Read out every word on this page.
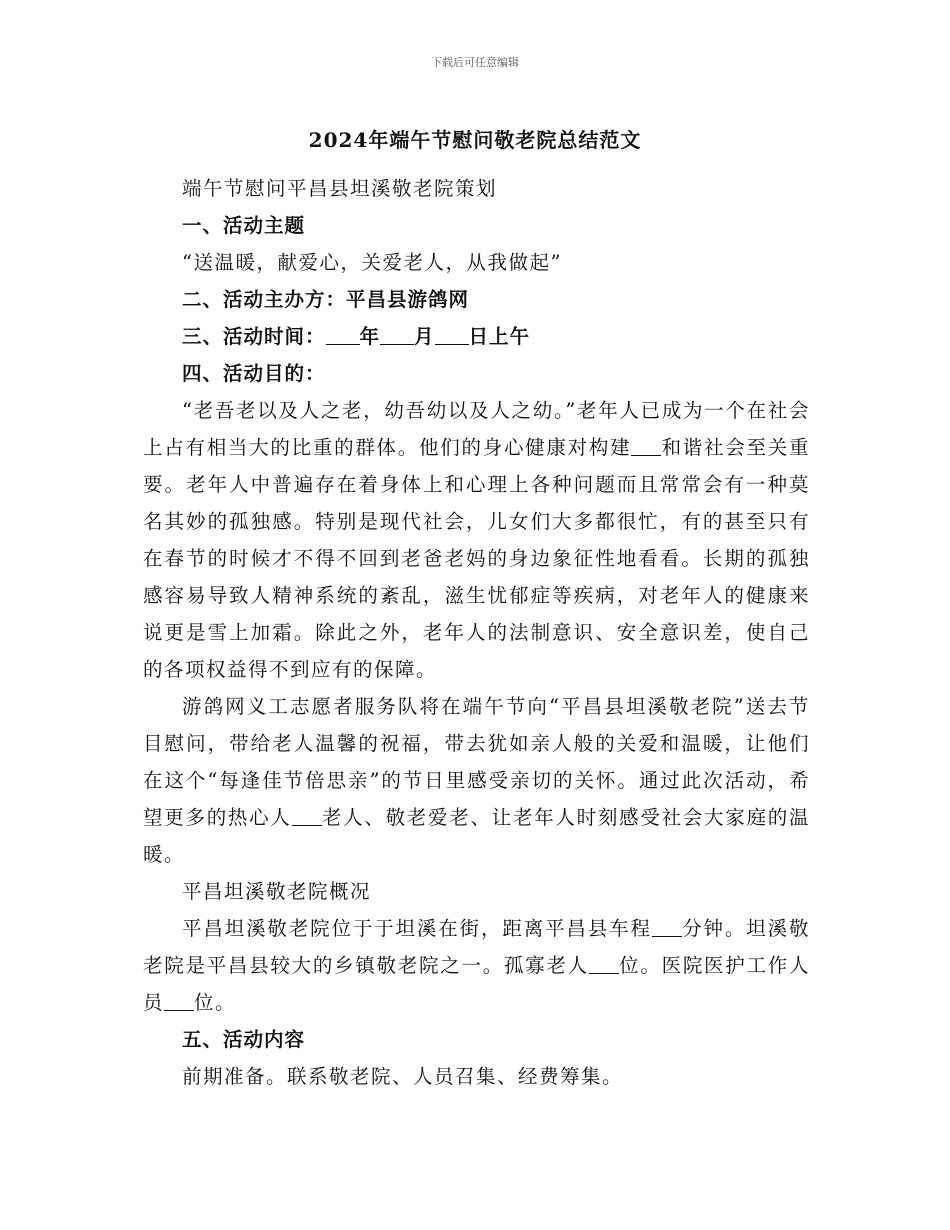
下载后可任意编辑
2024年端午节慰问敬老院总结范文

端午节慰问平昌县坦溪敬老院策划

一、活动主题

“送温暖，献爱心，关爱老人，从我做起”

二、活动主办方：平昌县游鸽网

三、活动时间： 年 月 日上午

四、活动目的：

“老吾老以及人之老，幼吾幼以及人之幼。”老年人已成为一个在社会上占有相当大的比重的群体。他们的身心健康对构建 和谐社会至关重要。老年人中普遍存在着身体上和心理上各种问题而且常常会有一种莫名其妙的孤独感。特别是现代社会，儿女们大多都很忙，有的甚至只有在春节的时候才不得不回到老爸老妈的身边象征性地看看。长期的孤独感容易导致人精神系统的紊乱，滋生忧郁症等疾病，对老年人的健康来说更是雪上加霜。除此之外，老年人的法制意识、安全意识差，使自己的各项权益得不到应有的保障。

游鸽网义工志愿者服务队将在端午节向“平昌县坦溪敬老院”送去节目慰问，带给老人温馨的祝福，带去犹如亲人般的关爱和温暖，让他们在这个“每逢佳节倍思亲”的节日里感受亲切的关怀。通过此次活动，希望更多的热心人 老人、敬老爱老、让老年人时刻感受社会大家庭的温暖。

平昌坦溪敬老院概况

平昌坦溪敬老院位于于坦溪在街，距离平昌县车程 分钟。坦溪敬老院是平昌县较大的乡镇敬老院之一。孤寡老人 位。医院医护工作人员 位。

五、活动内容

前期准备。联系敬老院、人员召集、经费筹集。
